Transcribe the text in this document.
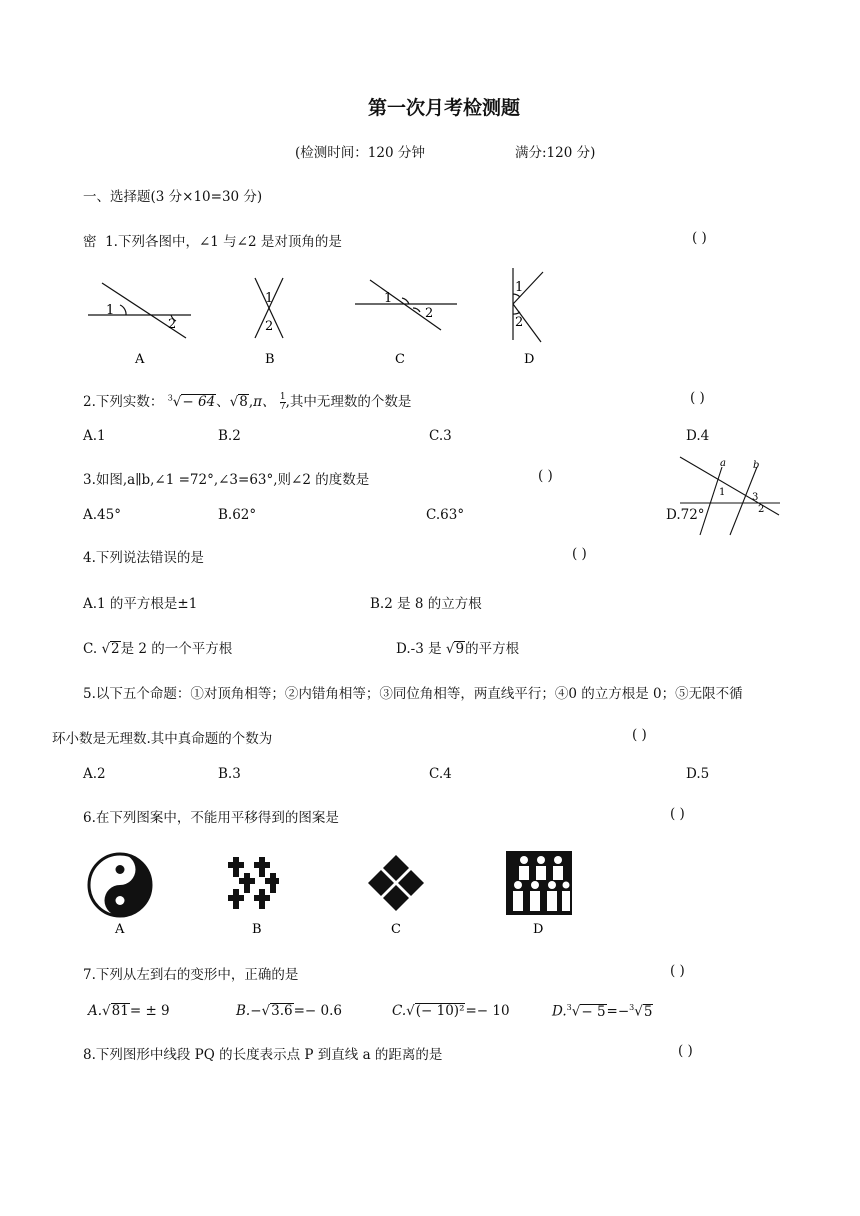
第一次月考检测题
(检测时间：120 分钟	满分:120 分)
一、选择题(3 分×10=30 分)
密 1.下列各图中，∠1 与∠2 是对顶角的是	( )
1
2
A
1
2
B
1
2
C
1
2
D
2.下列实数： $^3$√− 64、√8,π、 $\frac{1}{7}$ ,其中无理数的个数是	( )
A.1	B.2	C.3	D.4
3.如图,a∥b,∠1 =72°,∠3=63°,则∠2 的度数是	( )
A.45°	B.62°	C.63°	D.72°
a	b
1	3
2
4.下列说法错误的是	( )
A.1 的平方根是±1	B.2 是 8 的立方根
C. √2是 2 的一个平方根	D.-3 是 √9的平方根
5.以下五个命题：①对顶角相等；②内错角相等；③同位角相等，两直线平行；④0 的立方根是 0；⑤无限不循
环小数是无理数.其中真命题的个数为	( )
A.2	B.3	C.4	D.5
6.在下列图案中，不能用平移得到的图案是	( )
A	B	C	D
7.下列从左到右的变形中，正确的是	( )
A.√81= ± 9	B.−√3.6=− 0.6	C.√(− 10)²=− 10	D.$^3$√− 5=−$^3$√5
8.下列图形中线段 PQ 的长度表示点 P 到直线 a 的距离的是	( )
